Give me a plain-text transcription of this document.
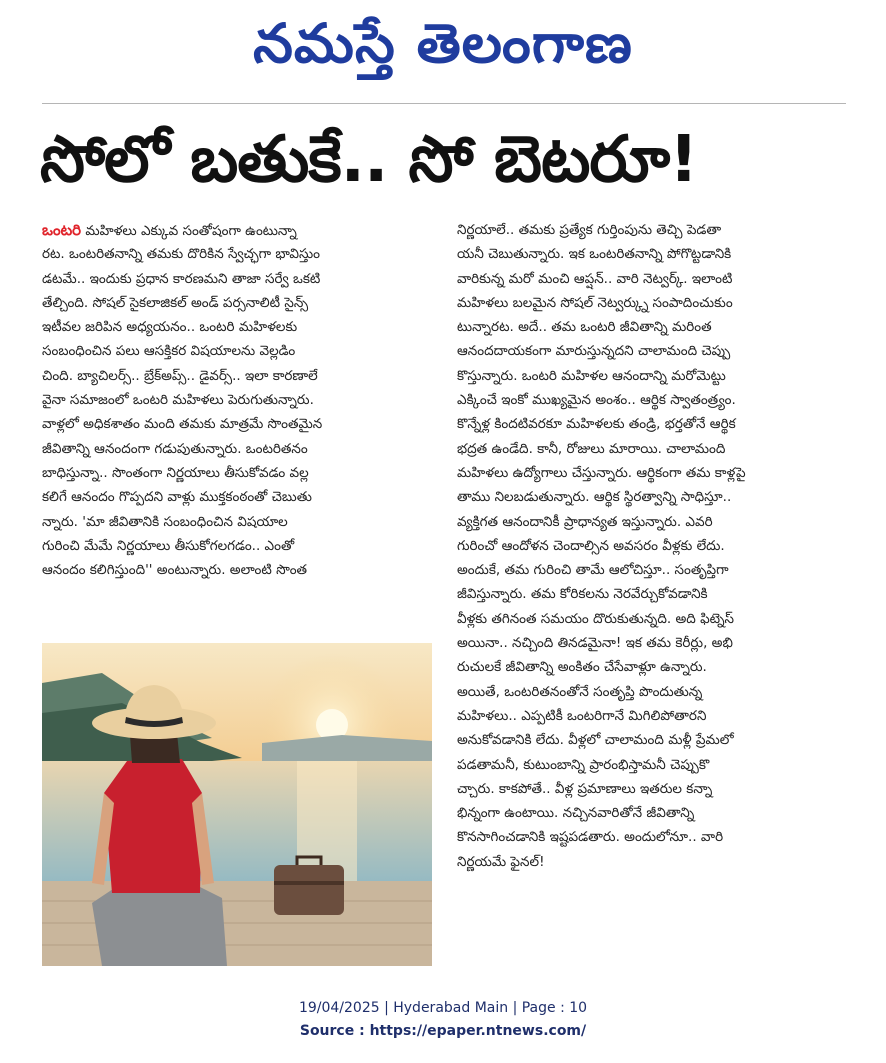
నమస్తే తెలంగాణ
సోలో బతుకే.. సో బెటరూ!
ఒంటరి మహిళలు ఎక్కువ సంతోషంగా ఉంటున్నా
రట. ఒంటరితనాన్ని తమకు దొరికిన స్వేచ్ఛగా భావిస్తుం
డటమే.. ఇందుకు ప్రధాన కారణమని తాజా సర్వే ఒకటి
తేల్చింది. సోషల్ సైకలాజికల్ అండ్ పర్సనాలిటీ సైన్స్
ఇటీవల జరిపిన అధ్యయనం.. ఒంటరి మహిళలకు
సంబంధించిన పలు ఆసక్తికర విషయాలను వెల్లడిం
చింది. బ్యాచిలర్స్.. బ్రేక్అప్స్.. డైవర్స్.. ఇలా కారణాలే
వైనా సమాజంలో ఒంటరి మహిళలు పెరుగుతున్నారు.
వాళ్లలో అధికశాతం మంది తమకు మాత్రమే సొంతమైన
జీవితాన్ని ఆనందంగా గడుపుతున్నారు. ఒంటరితనం
బాధిస్తున్నా.. సొంతంగా నిర్ణయాలు తీసుకోవడం వల్ల
కలిగే ఆనందం గొప్పదని వాళ్లు ముక్తకంఠంతో చెబుతు
న్నారు. 'మా జీవితానికి సంబంధించిన విషయాల
గురించి మేమే నిర్ణయాలు తీసుకోగలగడం.. ఎంతో
ఆనందం కలిగిస్తుంది'' అంటున్నారు. అలాంటి సొంత
నిర్ణయాలే.. తమకు ప్రత్యేక గుర్తింపును తెచ్చి పెడతా
యనీ చెబుతున్నారు. ఇక ఒంటరితనాన్ని పోగొట్టడానికి
వారికున్న మరో మంచి ఆప్షన్.. వారి నెట్వర్క్. ఇలాంటి
మహిళలు బలమైన సోషల్ నెట్వర్క్ను సంపాదించుకుం
టున్నారట. అదే.. తమ ఒంటరి జీవితాన్ని మరింత
ఆనందదాయకంగా మారుస్తున్నదని చాలామంది చెప్పు
కొస్తున్నారు. ఒంటరి మహిళల ఆనందాన్ని మరోమెట్టు
ఎక్కించే ఇంకో ముఖ్యమైన అంశం.. ఆర్థిక స్వాతంత్ర్యం.
కొన్నేళ్ల కిందటివరకూ మహిళలకు తండ్రి, భర్తతోనే ఆర్థిక
భద్రత ఉండేది. కానీ, రోజులు మారాయి. చాలామంది
మహిళలు ఉద్యోగాలు చేస్తున్నారు. ఆర్థికంగా తమ కాళ్లపై
తాము నిలబడుతున్నారు. ఆర్థిక స్థిరత్వాన్ని సాధిస్తూ..
వ్యక్తిగత ఆనందానికీ ప్రాధాన్యత ఇస్తున్నారు. ఎవరి
గురించో ఆందోళన చెందాల్సిన అవసరం వీళ్లకు లేదు.
అందుకే, తమ గురించి తామే ఆలోచిస్తూ.. సంతృప్తిగా
జీవిస్తున్నారు. తమ కోరికలను నెరవేర్చుకోవడానికి
వీళ్లకు తగినంత సమయం దొరుకుతున్నది. అది ఫిట్నెస్
అయినా.. నచ్చింది తినడమైనా! ఇక తమ కెరీర్లు, అభి
రుచులకే జీవితాన్ని అంకితం చేసేవాళ్లూ ఉన్నారు.
అయితే, ఒంటరితనంతోనే సంతృప్తి పొందుతున్న
మహిళలు.. ఎప్పటికీ ఒంటరిగానే మిగిలిపోతారని
అనుకోవడానికి లేదు. వీళ్లలో చాలామంది మళ్లీ ప్రేమలో
పడతామనీ, కుటుంబాన్ని ప్రారంభిస్తామనీ చెప్పుకొ
చ్చారు. కాకపోతే.. వీళ్ల ప్రమాణాలు ఇతరుల కన్నా
భిన్నంగా ఉంటాయి. నచ్చినవారితోనే జీవితాన్ని
కొనసాగించడానికి ఇష్టపడతారు. అందులోనూ.. వారి
నిర్ణయమే ఫైనల్!
19/04/2025 | Hyderabad Main | Page : 10
Source : https://epaper.ntnews.com/
